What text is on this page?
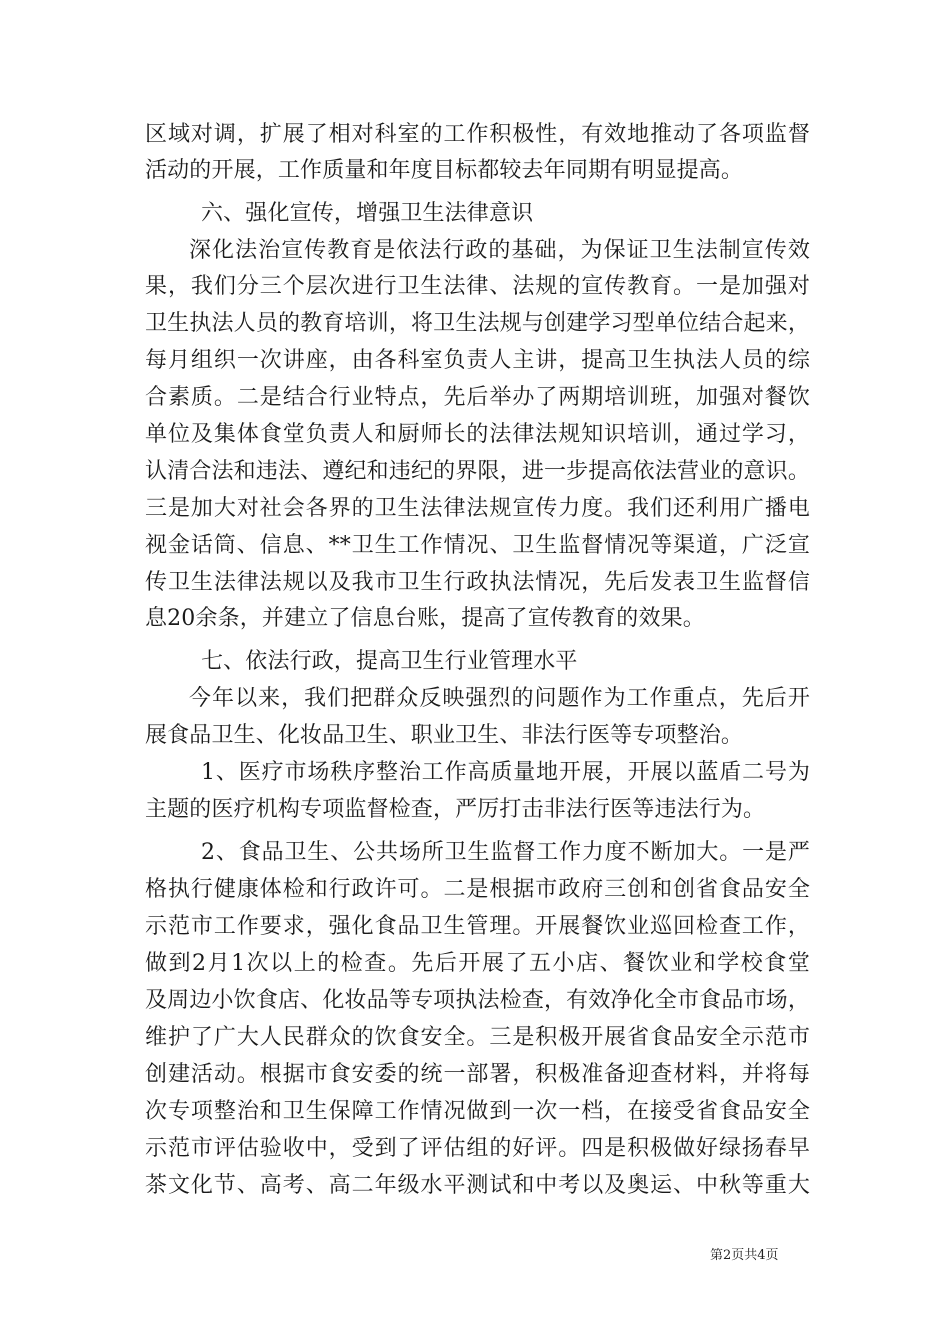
区域对调，扩展了相对科室的工作积极性，有效地推动了各项监督
活动的开展，工作质量和年度目标都较去年同期有明显提高。
六、强化宣传，增强卫生法律意识
深化法治宣传教育是依法行政的基础，为保证卫生法制宣传效
果，我们分三个层次进行卫生法律、法规的宣传教育。一是加强对
卫生执法人员的教育培训，将卫生法规与创建学习型单位结合起来，
每月组织一次讲座，由各科室负责人主讲，提高卫生执法人员的综
合素质。二是结合行业特点，先后举办了两期培训班，加强对餐饮
单位及集体食堂负责人和厨师长的法律法规知识培训，通过学习，
认清合法和违法、遵纪和违纪的界限，进一步提高依法营业的意识。
三是加大对社会各界的卫生法律法规宣传力度。我们还利用广播电
视金话筒、信息、**卫生工作情况、卫生监督情况等渠道，广泛宣
传卫生法律法规以及我市卫生行政执法情况，先后发表卫生监督信
息20余条，并建立了信息台账，提高了宣传教育的效果。
七、依法行政，提高卫生行业管理水平
今年以来，我们把群众反映强烈的问题作为工作重点，先后开
展食品卫生、化妆品卫生、职业卫生、非法行医等专项整治。
1、医疗市场秩序整治工作高质量地开展，开展以蓝盾二号为
主题的医疗机构专项监督检查，严厉打击非法行医等违法行为。
2、食品卫生、公共场所卫生监督工作力度不断加大。一是严
格执行健康体检和行政许可。二是根据市政府三创和创省食品安全
示范市工作要求，强化食品卫生管理。开展餐饮业巡回检查工作，
做到2月1次以上的检查。先后开展了五小店、餐饮业和学校食堂
及周边小饮食店、化妆品等专项执法检查，有效净化全市食品市场，
维护了广大人民群众的饮食安全。三是积极开展省食品安全示范市
创建活动。根据市食安委的统一部署，积极准备迎查材料，并将每
次专项整治和卫生保障工作情况做到一次一档，在接受省食品安全
示范市评估验收中，受到了评估组的好评。四是积极做好绿扬春早
茶文化节、高考、高二年级水平测试和中考以及奥运、中秋等重大
第2页共4页
